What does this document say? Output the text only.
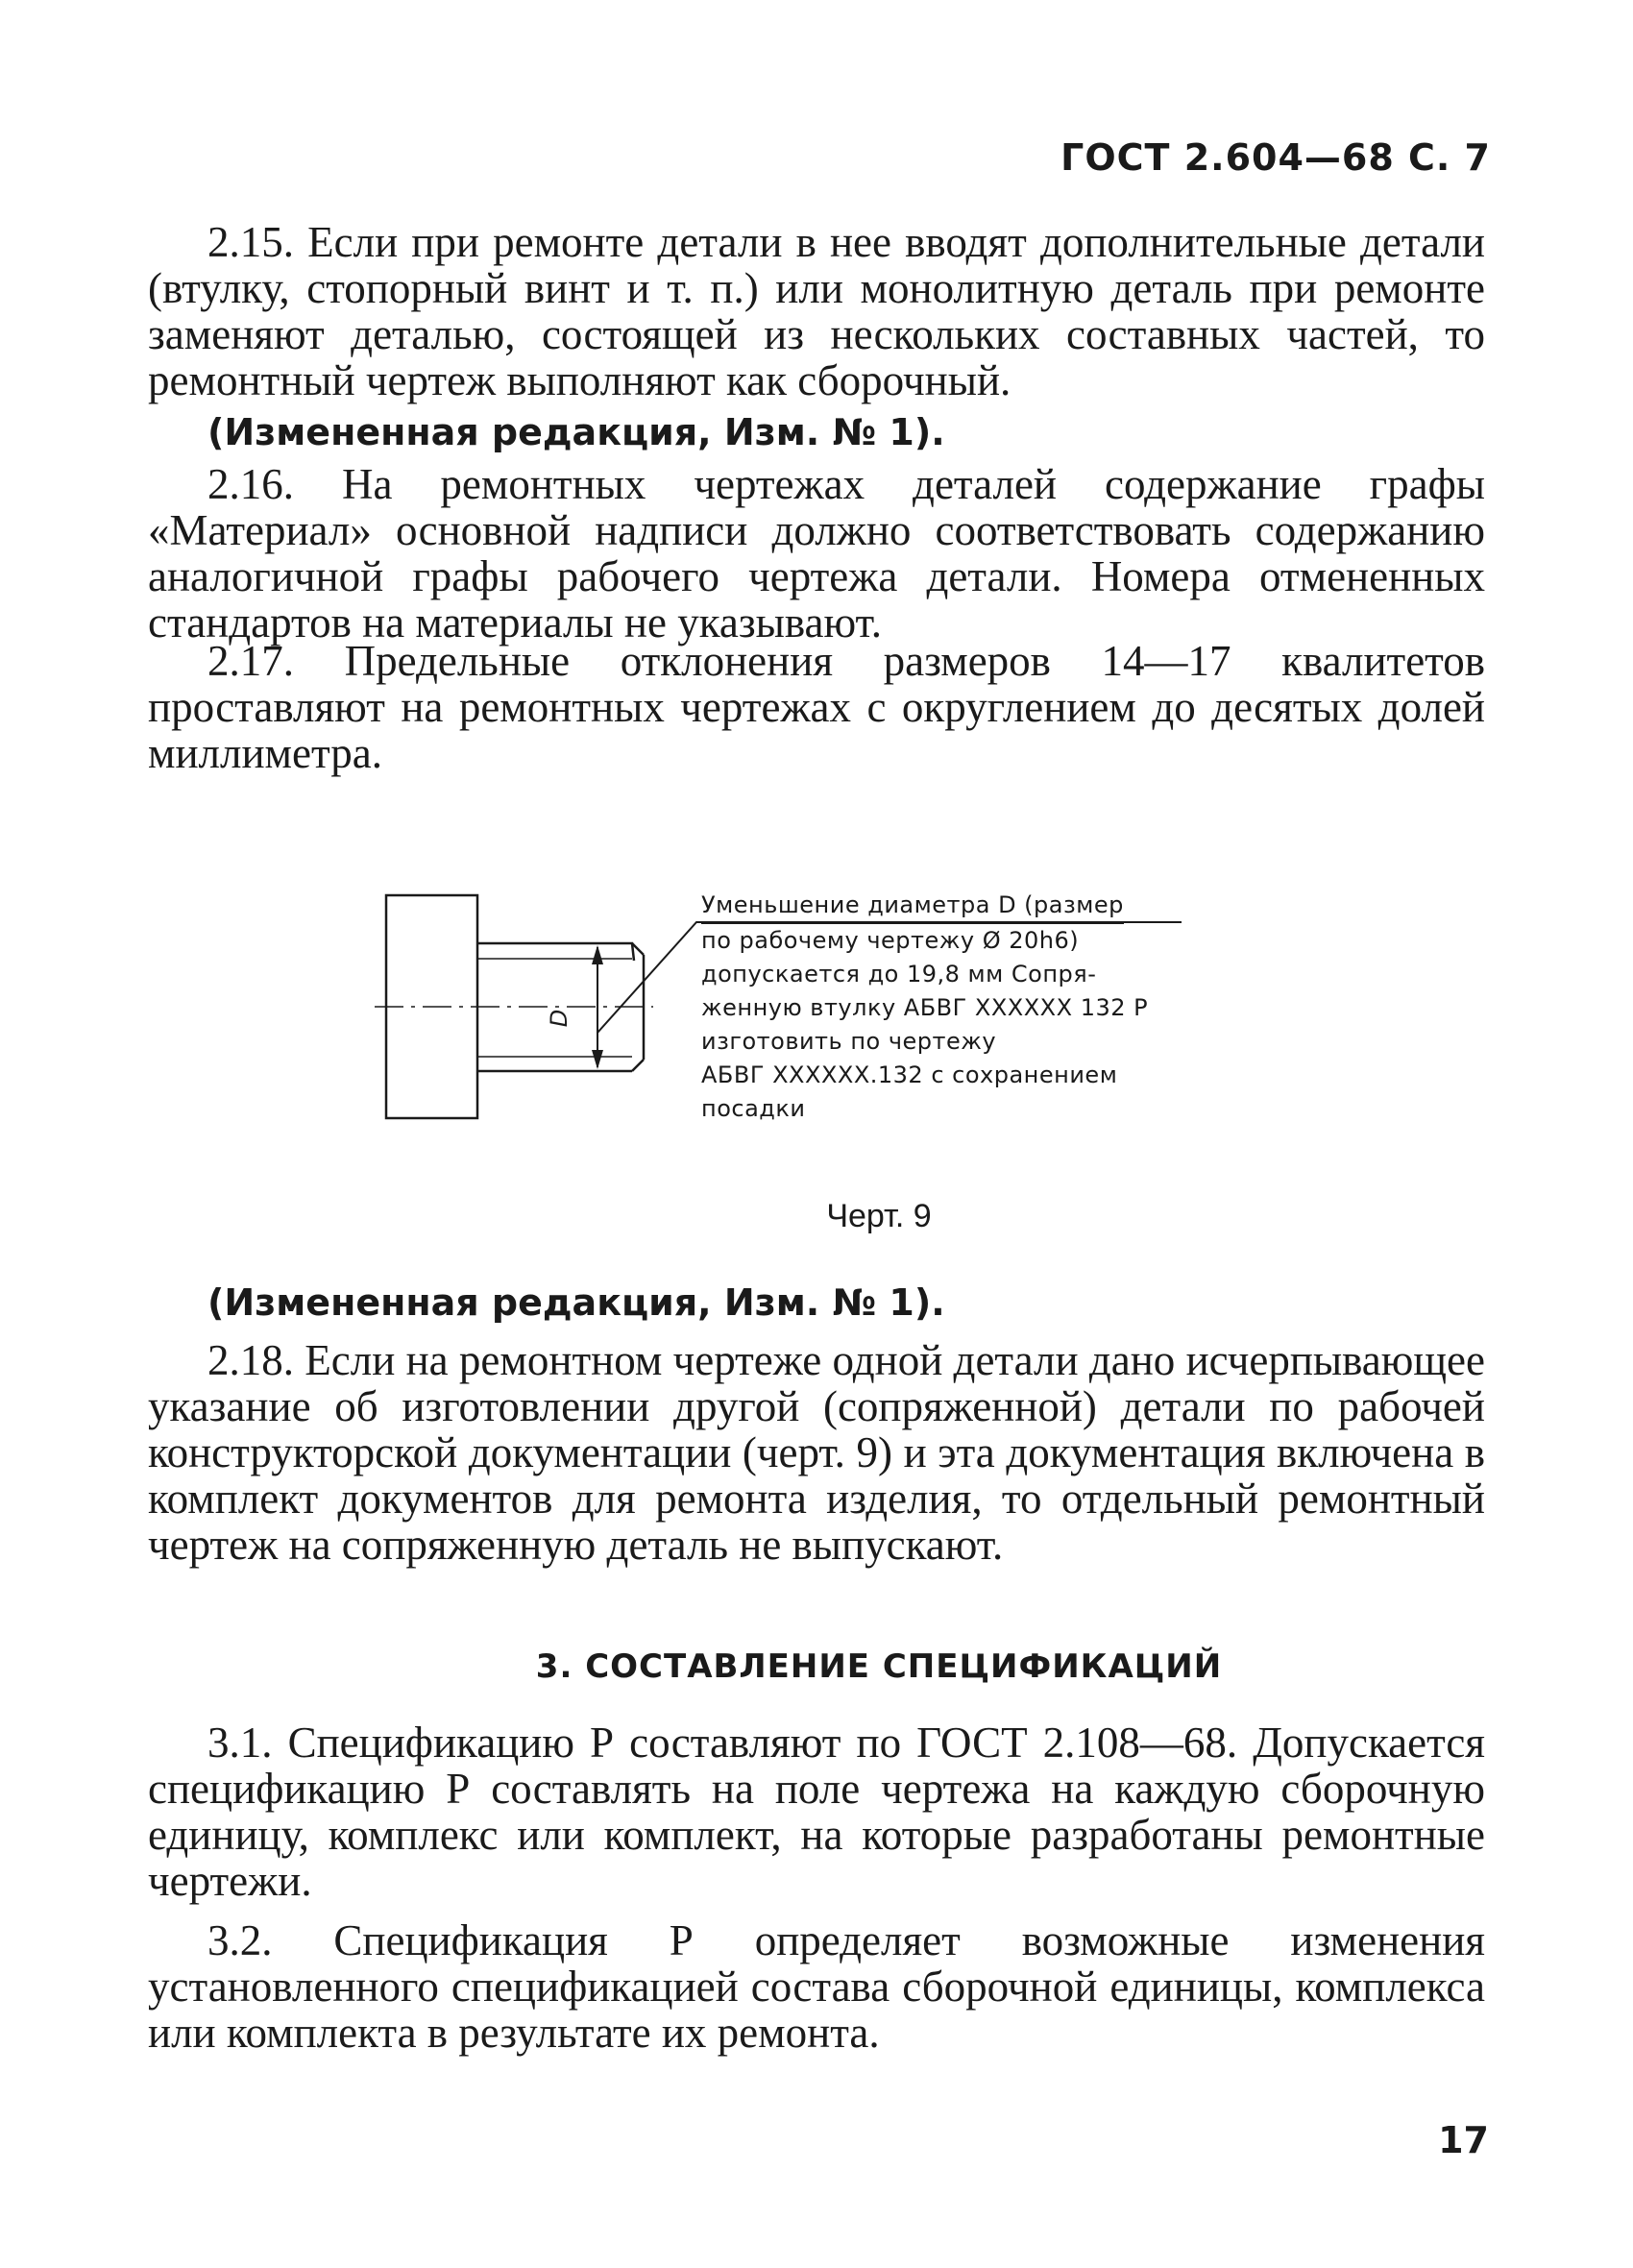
ГОСТ 2.604—68 С. 7

2.15. Если при ремонте детали в нее вводят дополнительные детали (втулку, стопорный винт и т. п.) или монолитную деталь при ремонте заменяют деталью, состоящей из нескольких составных частей, то ремонтный чертеж выполняют как сборочный.

(Измененная редакция, Изм. № 1).

2.16. На ремонтных чертежах деталей содержание графы «Материал» основной надписи должно соответствовать содержанию аналогичной графы рабочего чертежа детали. Номера отмененных стандартов на материалы не указывают.

2.17. Предельные отклонения размеров 14—17 квалитетов проставляют на ремонтных чертежах с округлением до десятых долей миллиметра.

D
Уменьшение диаметра D (размер
по рабочему чертежу Ø 20h6)
допускается до 19,8 мм Сопря-
женную втулку АБВГ XXXXXX 132 Р
изготовить по чертежу
АБВГ XXXXXX.132 с сохранением
посадки
Черт. 9
(Измененная редакция, Изм. № 1).

2.18. Если на ремонтном чертеже одной детали дано исчерпывающее указание об изготовлении другой (сопряженной) детали по рабочей конструкторской документации (черт. 9) и эта документация включена в комплект документов для ремонта изделия, то отдельный ремонтный чертеж на сопряженную деталь не выпускают.

3. СОСТАВЛЕНИЕ СПЕЦИФИКАЦИЙ

3.1. Спецификацию Р составляют по ГОСТ 2.108—68. Допускается спецификацию Р составлять на поле чертежа на каждую сборочную единицу, комплекс или комплект, на которые разработаны ремонтные чертежи.

3.2. Спецификация Р определяет возможные изменения установленного спецификацией состава сборочной единицы, комплекса или комплекта в результате их ремонта.

17
